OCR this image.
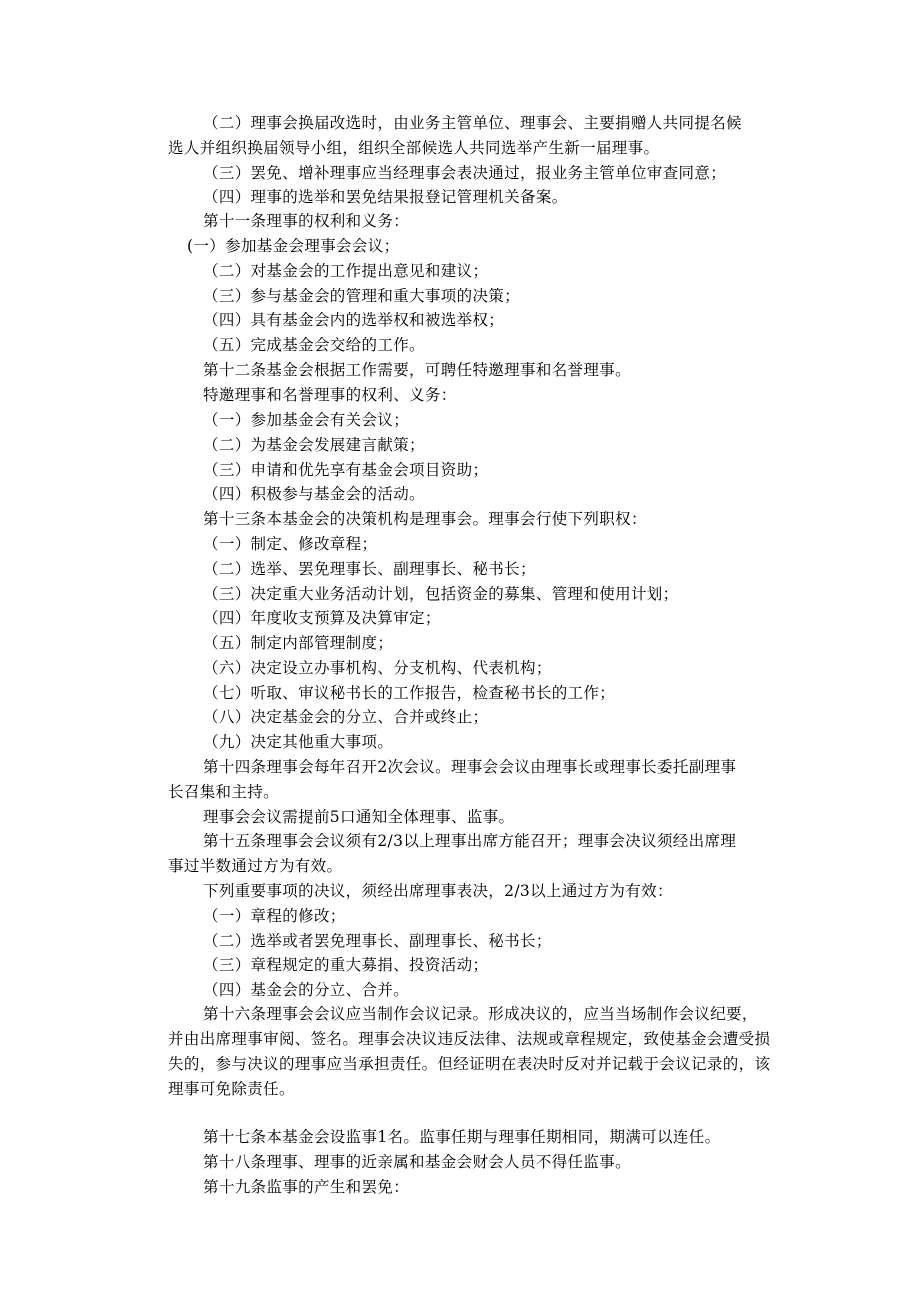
（二）理事会换届改选时，由业务主管单位、理事会、主要捐赠人共同提名候
选人并组织换届领导小组，组织全部候选人共同选举产生新一届理事。
（三）罢免、增补理事应当经理事会表决通过，报业务主管单位审查同意；
（四）理事的选举和罢免结果报登记管理机关备案。
第十一条理事的权利和义务：
(一）参加基金会理事会会议；
（二）对基金会的工作提出意见和建议；
（三）参与基金会的管理和重大事项的决策；
（四）具有基金会内的选举权和被选举权；
（五）完成基金会交给的工作。
第十二条基金会根据工作需要，可聘任特邀理事和名誉理事。
特邀理事和名誉理事的权利、义务：
（一）参加基金会有关会议；
（二）为基金会发展建言献策；
（三）申请和优先享有基金会项目资助；
（四）积极参与基金会的活动。
第十三条本基金会的决策机构是理事会。理事会行使下列职权：
（一）制定、修改章程；
（二）选举、罢免理事长、副理事长、秘书长；
（三）决定重大业务活动计划，包括资金的募集、管理和使用计划；
（四）年度收支预算及决算审定；
（五）制定内部管理制度；
（六）决定设立办事机构、分支机构、代表机构；
（七）听取、审议秘书长的工作报告，检查秘书长的工作；
（八）决定基金会的分立、合并或终止；
（九）决定其他重大事项。
第十四条理事会每年召开2次会议。理事会会议由理事长或理事长委托副理事
长召集和主持。
理事会会议需提前5口通知全体理事、监事。
第十五条理事会会议须有2/3以上理事出席方能召开；理事会决议须经出席理
事过半数通过方为有效。
下列重要事项的决议，须经出席理事表决，2/3以上通过方为有效：
（一）章程的修改；
（二）选举或者罢免理事长、副理事长、秘书长；
（三）章程规定的重大募捐、投资活动；
（四）基金会的分立、合并。
第十六条理事会会议应当制作会议记录。形成决议的，应当当场制作会议纪要，
并由出席理事审阅、签名。理事会决议违反法律、法规或章程规定，致使基金会遭受损
失的，参与决议的理事应当承担责任。但经证明在表决时反对并记载于会议记录的，该
理事可免除责任。
第十七条本基金会设监事1名。监事任期与理事任期相同，期满可以连任。
第十八条理事、理事的近亲属和基金会财会人员不得任监事。
第十九条监事的产生和罢免：
